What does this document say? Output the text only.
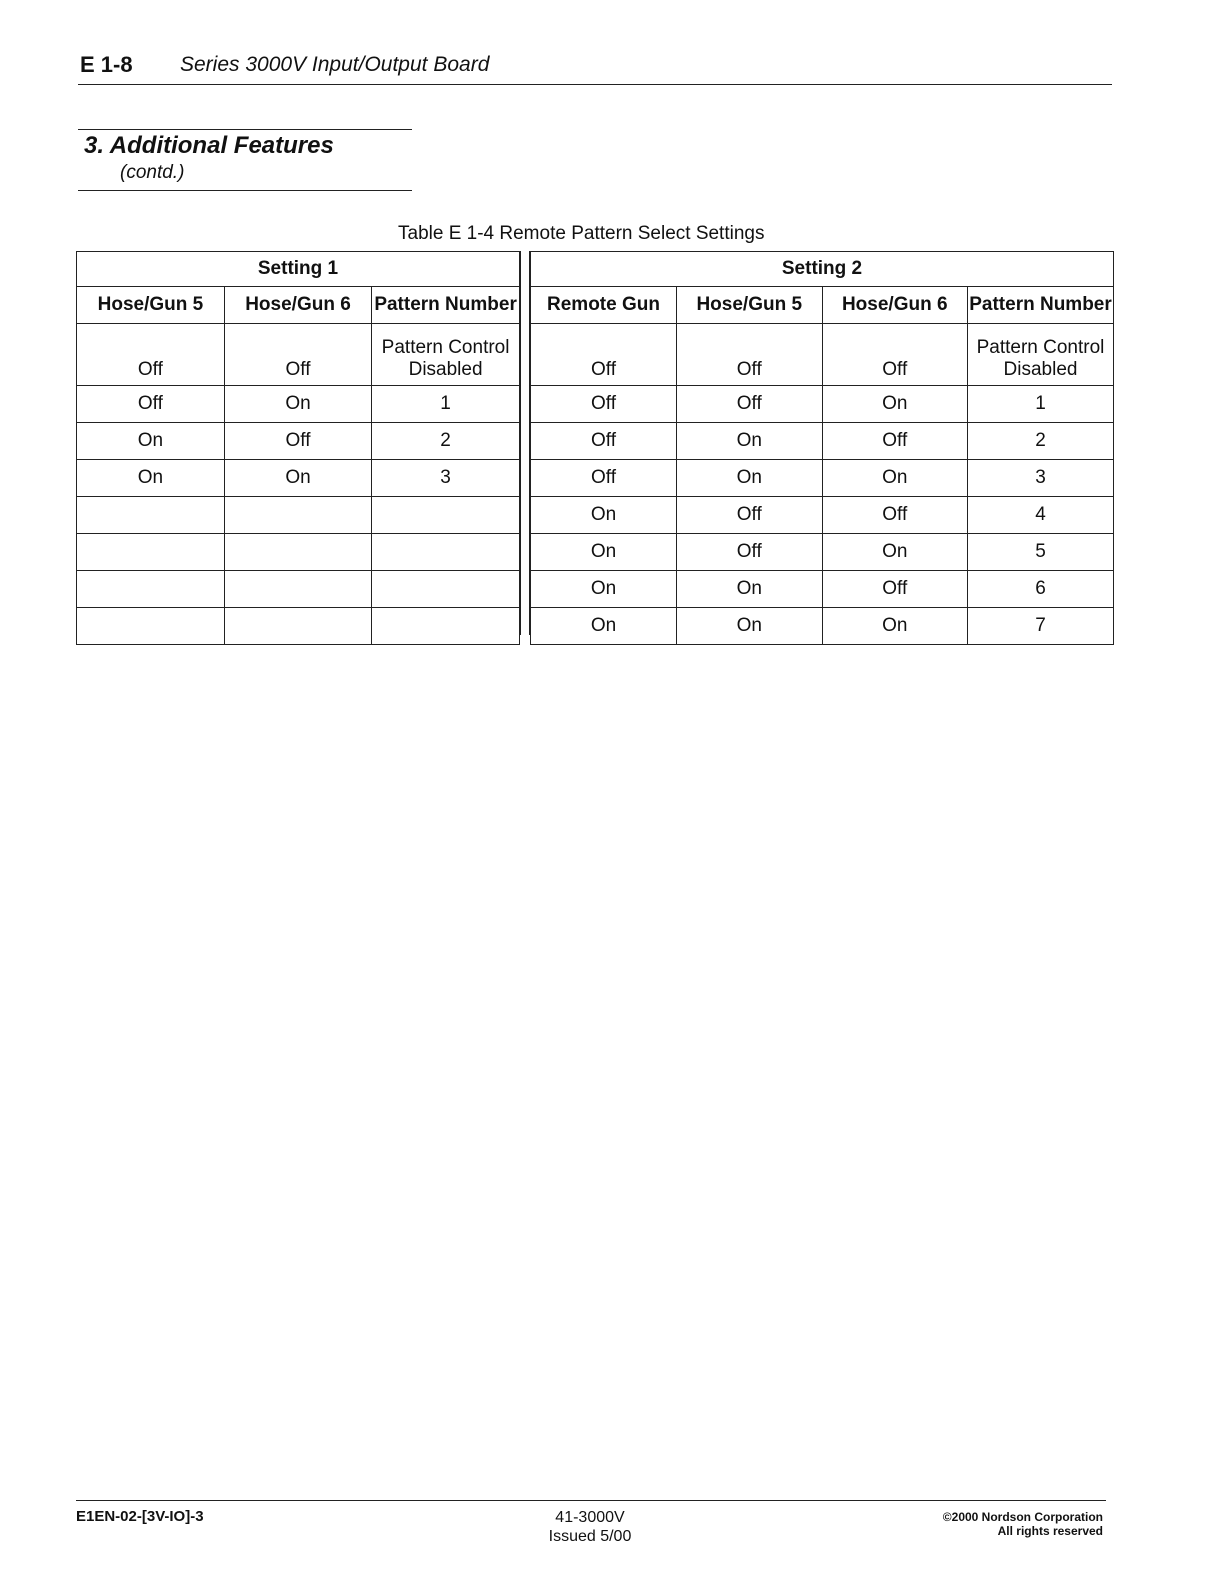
E 1-8 Series 3000V Input/Output Board
3. Additional Features
(contd.)
Table E 1-4 Remote Pattern Select Settings
Setting 1		
Hose/Gun 5	Hose/Gun 6	Pattern Number
Off	Off	Pattern Control
Disabled

Off	On	1
On	Off	2
On	On	3

Setting 2			
Remote Gun	Hose/Gun 5	Hose/Gun 6	Pattern Number
Off	Off	Off	Pattern Control
Disabled

Off	Off	On	1
Off	On	Off	2
Off	On	On	3
On	Off	Off	4
On	Off	On	5
On	On	Off	6
On	On	On	7
E1EN-02-[3V-IO]-3	41-3000V
Issued 5/00
©2000 Nordson Corporation
All rights reserved
